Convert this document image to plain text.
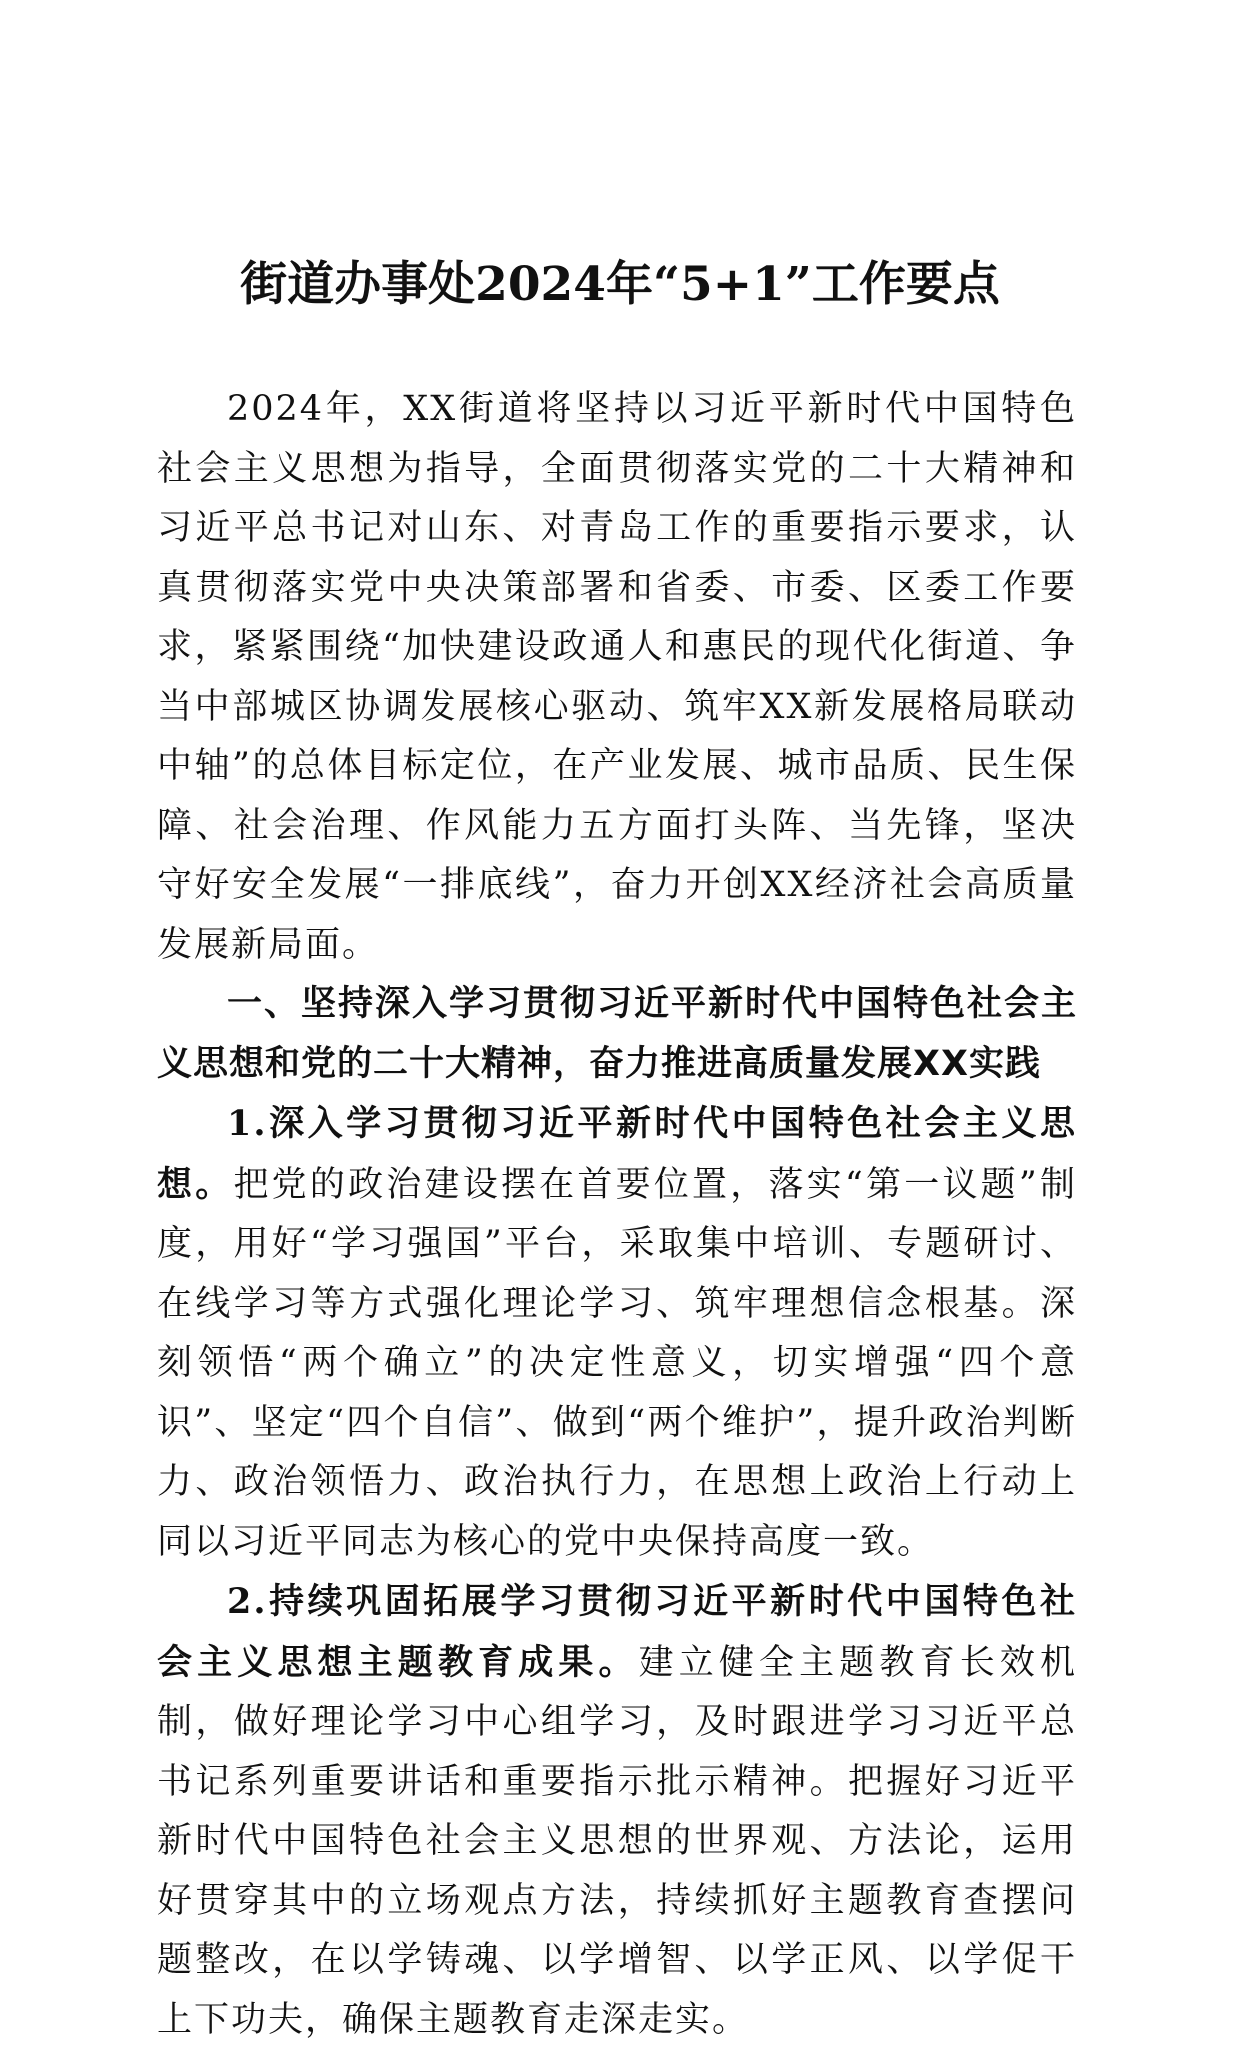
街道办事处2024年“5+1”工作要点

2024年，XX街道将坚持以习近平新时代中国特色社会主义思想为指导，全面贯彻落实党的二十大精神和习近平总书记对山东、对青岛工作的重要指示要求，认真贯彻落实党中央决策部署和省委、市委、区委工作要求，紧紧围绕“加快建设政通人和惠民的现代化街道、争当中部城区协调发展核心驱动、筑牢XX新发展格局联动中轴”的总体目标定位，在产业发展、城市品质、民生保障、社会治理、作风能力五方面打头阵、当先锋，坚决守好安全发展“一排底线”，奋力开创XX经济社会高质量发展新局面。

一、坚持深入学习贯彻习近平新时代中国特色社会主义思想和党的二十大精神，奋力推进高质量发展XX实践

1.深入学习贯彻习近平新时代中国特色社会主义思想。把党的政治建设摆在首要位置，落实“第一议题”制度，用好“学习强国”平台，采取集中培训、专题研讨、在线学习等方式强化理论学习、筑牢理想信念根基。深刻领悟“两个确立”的决定性意义，切实增强“四个意识”、坚定“四个自信”、做到“两个维护”，提升政治判断力、政治领悟力、政治执行力，在思想上政治上行动上同以习近平同志为核心的党中央保持高度一致。

2.持续巩固拓展学习贯彻习近平新时代中国特色社会主义思想主题教育成果。建立健全主题教育长效机制，做好理论学习中心组学习，及时跟进学习习近平总书记系列重要讲话和重要指示批示精神。把握好习近平新时代中国特色社会主义思想的世界观、方法论，运用好贯穿其中的立场观点方法，持续抓好主题教育查摆问题整改，在以学铸魂、以学增智、以学正风、以学促干上下功夫，确保主题教育走深走实。
